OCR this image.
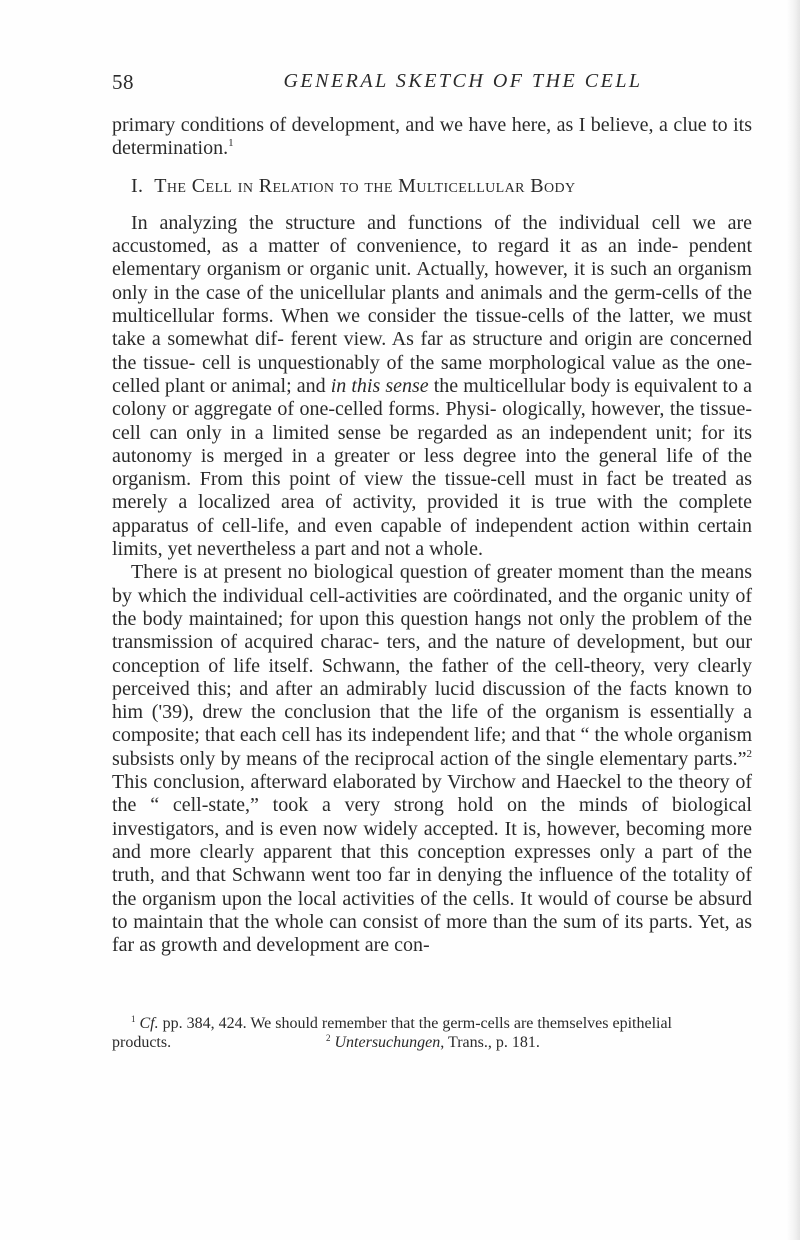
58	GENERAL SKETCH OF THE CELL

primary conditions of development, and we have here, as I believe, a clue to its determination.$^1$

I. The Cell in Relation to the Multicellular Body

In analyzing the structure and functions of the individual cell we are accustomed, as a matter of convenience, to regard it as an inde- pendent elementary organism or organic unit. Actually, however, it is such an organism only in the case of the unicellular plants and animals and the germ-cells of the multicellular forms. When we consider the tissue-cells of the latter, we must take a somewhat dif- ferent view. As far as structure and origin are concerned the tissue- cell is unquestionably of the same morphological value as the one-celled plant or animal; and in this sense the multicellular body is equivalent to a colony or aggregate of one-celled forms. Physi- ologically, however, the tissue-cell can only in a limited sense be regarded as an independent unit; for its autonomy is merged in a greater or less degree into the general life of the organism. From this point of view the tissue-cell must in fact be treated as merely a localized area of activity, provided it is true with the complete apparatus of cell-life, and even capable of independent action within certain limits, yet nevertheless a part and not a whole.

There is at present no biological question of greater moment than the means by which the individual cell-activities are coördinated, and the organic unity of the body maintained; for upon this question hangs not only the problem of the transmission of acquired charac- ters, and the nature of development, but our conception of life itself. Schwann, the father of the cell-theory, very clearly perceived this; and after an admirably lucid discussion of the facts known to him ('39), drew the conclusion that the life of the organism is essentially a composite; that each cell has its independent life; and that “ the whole organism subsists only by means of the reciprocal action of the single elementary parts.”$^2$ This conclusion, afterward elaborated by Virchow and Haeckel to the theory of the “ cell-state,” took a very strong hold on the minds of biological investigators, and is even now widely accepted. It is, however, becoming more and more clearly apparent that this conception expresses only a part of the truth, and that Schwann went too far in denying the influence of the totality of the organism upon the local activities of the cells. It would of course be absurd to maintain that the whole can consist of more than the sum of its parts. Yet, as far as growth and development are con-

$^1$ Cf. pp. 384, 424. We should remember that the germ-cells are themselves epithelial

products.	$^2$ Untersuchungen, Trans., p. 181.
